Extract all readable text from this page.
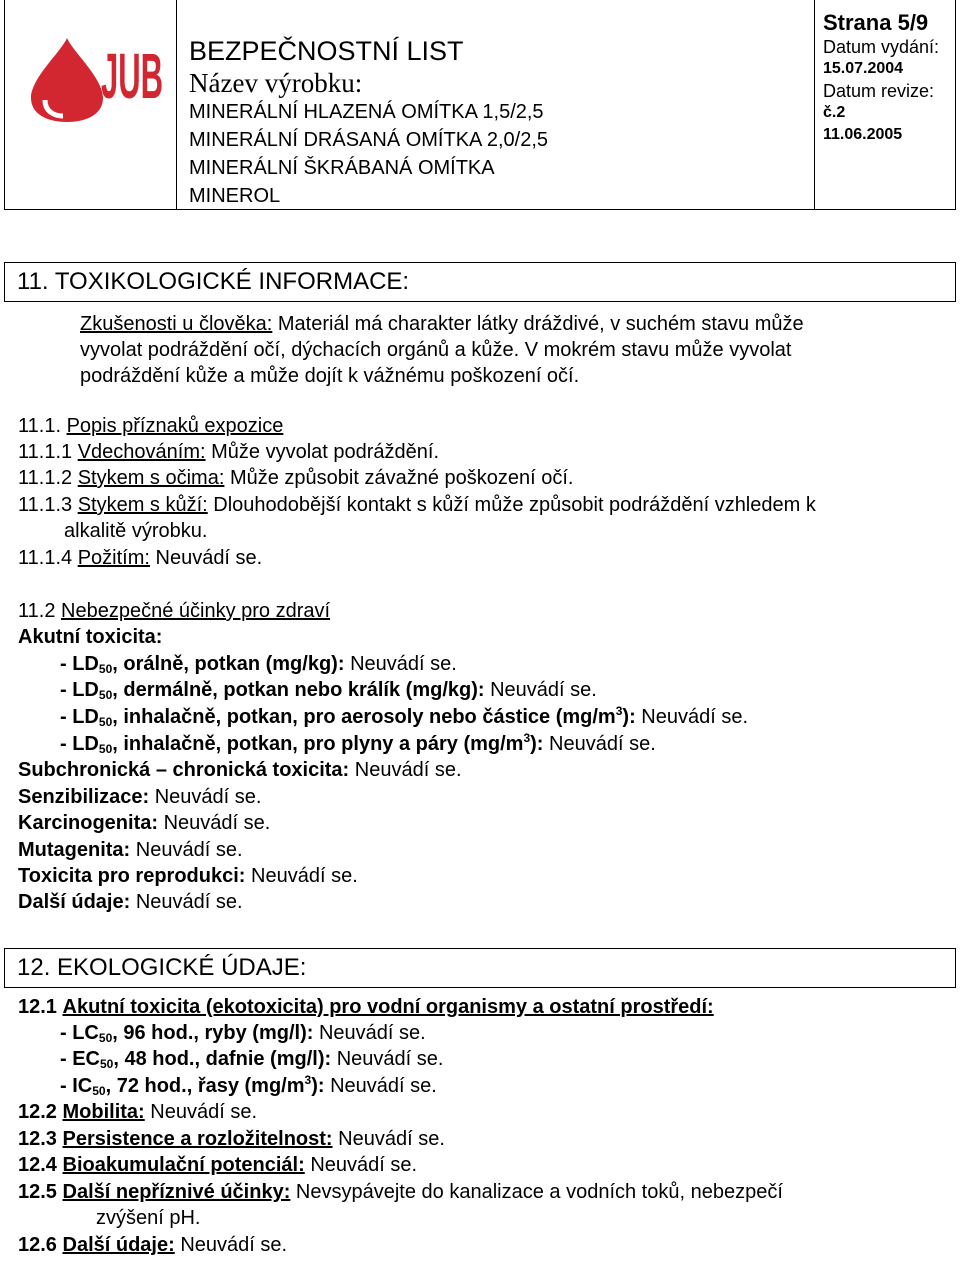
JUB BEZPEČNOSTNÍ LIST
Název výrobku:
MINERÁLNÍ HLAZENÁ OMÍTKA 1,5/2,5
MINERÁLNÍ DRÁSANÁ OMÍTKA 2,0/2,5
MINERÁLNÍ ŠKRÁBANÁ OMÍTKA
MINEROL
Strana 5/9
Datum vydání:
15.07.2004
Datum revize:
č.2
11.06.2005
11. TOXIKOLOGICKÉ INFORMACE:
Zkušenosti u člověka: Materiál má charakter látky dráždivé, v suchém stavu může
vyvolat podráždění očí, dýchacích orgánů a kůže. V mokrém stavu může vyvolat
podráždění kůže a může dojít k vážnému poškození očí.
11.1. Popis příznaků expozice
11.1.1 Vdechováním: Může vyvolat podráždění.
11.1.2 Stykem s očima: Může způsobit závažné poškození očí.
11.1.3 Stykem s kůží: Dlouhodobější kontakt s kůží může způsobit podráždění vzhledem k
alkalitě výrobku.
11.1.4 Požitím: Neuvádí se.
11.2 Nebezpečné účinky pro zdraví
Akutní toxicita:
- $LD_{50}$, orálně, potkan (mg/kg): Neuvádí se.
- $LD_{50}$, dermálně, potkan nebo králík (mg/kg): Neuvádí se.
- $LD_{50}$, inhalačně, potkan, pro aerosoly nebo částice $(mg/m^3)$: Neuvádí se.
- $LD_{50}$, inhalačně, potkan, pro plyny a páry $(mg/m^3)$: Neuvádí se.
Subchronická – chronická toxicita: Neuvádí se.
Senzibilizace: Neuvádí se.
Karcinogenita: Neuvádí se.
Mutagenita: Neuvádí se.
Toxicita pro reprodukci: Neuvádí se.
Další údaje: Neuvádí se.
12. EKOLOGICKÉ ÚDAJE:
12.1 Akutní toxicita (ekotoxicita) pro vodní organismy a ostatní prostředí:
- $LC_{50}$, 96 hod., ryby (mg/l): Neuvádí se.
- $EC_{50}$, 48 hod., dafnie (mg/l): Neuvádí se.
- $IC_{50}$, 72 hod., řasy $(mg/m^3)$: Neuvádí se.
12.2 Mobilita: Neuvádí se.
12.3 Persistence a rozložitelnost: Neuvádí se.
12.4 Bioakumulační potenciál: Neuvádí se.
12.5 Další nepříznivé účinky: Nevsypávejte do kanalizace a vodních toků, nebezpečí
zvýšení pH.
12.6 Další údaje: Neuvádí se.
